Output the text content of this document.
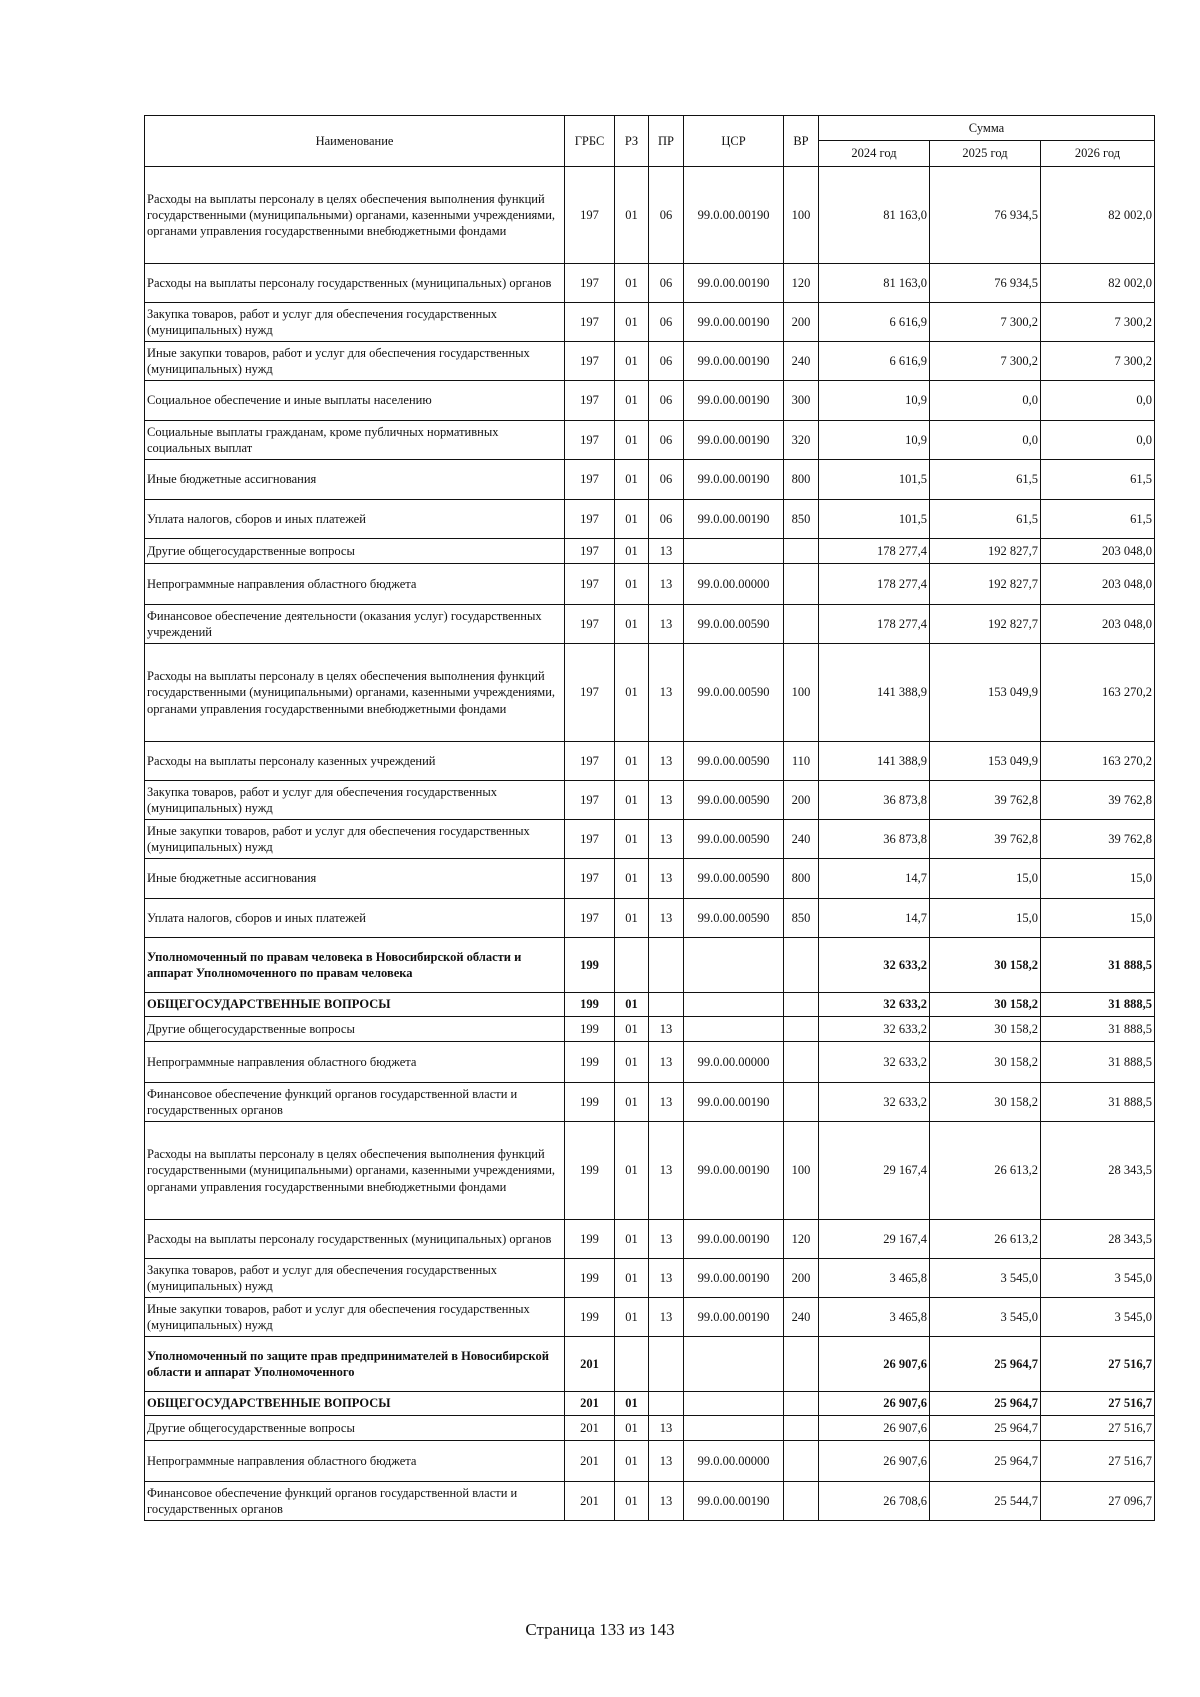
Наименование	ГРБС	РЗ	ПР	ЦСР	ВР	Сумма		
						2024 год	2025 год	2026 год
Расходы на выплаты персоналу в целях обеспечения выполнения функций государственными (муниципальными) органами, казенными учреждениями, органами управления государственными внебюджетными фондами	197	01	06	99.0.00.00190	100	81 163,0	76 934,5	82 002,0
Расходы на выплаты персоналу государственных (муниципальных) органов	197	01	06	99.0.00.00190	120	81 163,0	76 934,5	82 002,0
Закупка товаров, работ и услуг для обеспечения государственных (муниципальных) нужд	197	01	06	99.0.00.00190	200	6 616,9	7 300,2	7 300,2
Иные закупки товаров, работ и услуг для обеспечения государственных (муниципальных) нужд	197	01	06	99.0.00.00190	240	6 616,9	7 300,2	7 300,2
Социальное обеспечение и иные выплаты населению	197	01	06	99.0.00.00190	300	10,9	0,0	0,0
Социальные выплаты гражданам, кроме публичных нормативных социальных выплат	197	01	06	99.0.00.00190	320	10,9	0,0	0,0
Иные бюджетные ассигнования	197	01	06	99.0.00.00190	800	101,5	61,5	61,5
Уплата налогов, сборов и иных платежей	197	01	06	99.0.00.00190	850	101,5	61,5	61,5
Другие общегосударственные вопросы	197	01	13			178 277,4	192 827,7	203 048,0
Непрограммные направления областного бюджета	197	01	13	99.0.00.00000		178 277,4	192 827,7	203 048,0
Финансовое обеспечение деятельности (оказания услуг) государственных учреждений	197	01	13	99.0.00.00590		178 277,4	192 827,7	203 048,0
Расходы на выплаты персоналу в целях обеспечения выполнения функций государственными (муниципальными) органами, казенными учреждениями, органами управления государственными внебюджетными фондами	197	01	13	99.0.00.00590	100	141 388,9	153 049,9	163 270,2
Расходы на выплаты персоналу казенных учреждений	197	01	13	99.0.00.00590	110	141 388,9	153 049,9	163 270,2
Закупка товаров, работ и услуг для обеспечения государственных (муниципальных) нужд	197	01	13	99.0.00.00590	200	36 873,8	39 762,8	39 762,8
Иные закупки товаров, работ и услуг для обеспечения государственных (муниципальных) нужд	197	01	13	99.0.00.00590	240	36 873,8	39 762,8	39 762,8
Иные бюджетные ассигнования	197	01	13	99.0.00.00590	800	14,7	15,0	15,0
Уплата налогов, сборов и иных платежей	197	01	13	99.0.00.00590	850	14,7	15,0	15,0
Уполномоченный по правам человека в Новосибирской области и аппарат Уполномоченного по правам человека	199					32 633,2	30 158,2	31 888,5
ОБЩЕГОСУДАРСТВЕННЫЕ ВОПРОСЫ	199	01				32 633,2	30 158,2	31 888,5
Другие общегосударственные вопросы	199	01	13			32 633,2	30 158,2	31 888,5
Непрограммные направления областного бюджета	199	01	13	99.0.00.00000		32 633,2	30 158,2	31 888,5
Финансовое обеспечение функций органов государственной власти и государственных органов	199	01	13	99.0.00.00190		32 633,2	30 158,2	31 888,5
Расходы на выплаты персоналу в целях обеспечения выполнения функций государственными (муниципальными) органами, казенными учреждениями, органами управления государственными внебюджетными фондами	199	01	13	99.0.00.00190	100	29 167,4	26 613,2	28 343,5
Расходы на выплаты персоналу государственных (муниципальных) органов	199	01	13	99.0.00.00190	120	29 167,4	26 613,2	28 343,5
Закупка товаров, работ и услуг для обеспечения государственных (муниципальных) нужд	199	01	13	99.0.00.00190	200	3 465,8	3 545,0	3 545,0
Иные закупки товаров, работ и услуг для обеспечения государственных (муниципальных) нужд	199	01	13	99.0.00.00190	240	3 465,8	3 545,0	3 545,0
Уполномоченный по защите прав предпринимателей в Новосибирской области и аппарат Уполномоченного	201					26 907,6	25 964,7	27 516,7
ОБЩЕГОСУДАРСТВЕННЫЕ ВОПРОСЫ	201	01				26 907,6	25 964,7	27 516,7
Другие общегосударственные вопросы	201	01	13			26 907,6	25 964,7	27 516,7
Непрограммные направления областного бюджета	201	01	13	99.0.00.00000		26 907,6	25 964,7	27 516,7
Финансовое обеспечение функций органов государственной власти и государственных органов	201	01	13	99.0.00.00190		26 708,6	25 544,7	27 096,7
Страница 133 из 143
